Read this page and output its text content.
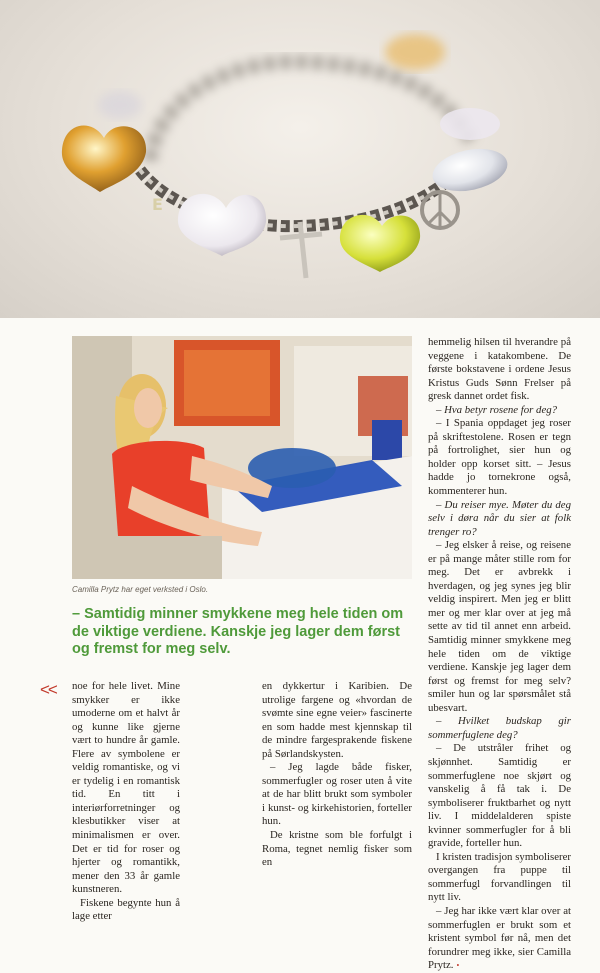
E
Camilla Prytz har eget verksted i Oslo.

– Samtidig minner smykkene meg hele tiden om de viktige verdiene. Kanskje jeg lager dem først og fremst for meg selv.

<< noe for hele livet. Mine smykker er ikke umoderne om et halvt år og kunne like gjerne vært to hundre år gamle. Flere av symbolene er veldig romantiske, og vi er tydelig i en romantisk tid. En titt i interiørforretninger og klesbutikker viser at minimalismen er over. Det er tid for roser og hjerter og romantikk, mener den 33 år gamle kunstneren.

Fiskene begynte hun å lage etter

en dykkertur i Karibien. De utrolige fargene og «hvordan de svømte sine egne veier» fascinerte en som hadde mest kjennskap til de mindre fargesprakende fiskene på Sørlandskysten.

– Jeg lagde både fisker, sommerfugler og roser uten å vite at de har blitt brukt som symboler i kunst- og kirkehistorien, forteller hun.

De kristne som ble forfulgt i Roma, tegnet nemlig fisker som en

hemmelig hilsen til hverandre på veggene i katakombene. De første bokstavene i ordene Jesus Kristus Guds Sønn Frelser på gresk dannet ordet fisk.

– Hva betyr rosene for deg?

– I Spania oppdaget jeg roser på skriftestolene. Rosen er tegn på fortrolighet, sier hun og holder opp korset sitt. – Jesus hadde jo tornekrone også, kommenterer hun.

– Du reiser mye. Møter du deg selv i døra når du sier at folk trenger ro?

– Jeg elsker å reise, og reisene er på mange måter stille rom for meg. Det er avbrekk i hverdagen, og jeg synes jeg blir veldig inspirert. Men jeg er blitt mer og mer klar over at jeg må sette av tid til annet enn arbeid. Samtidig minner smykkene meg hele tiden om de viktige verdiene. Kanskje jeg lager dem først og fremst for meg selv? smiler hun og lar spørsmålet stå ubesvart.

– Hvilket budskap gir sommerfuglene deg?

– De utstråler frihet og skjønnhet. Samtidig er sommerfuglene noe skjørt og vanskelig å få tak i. De symboliserer fruktbarhet og nytt liv. I middelalderen spiste kvinner sommerfugler for å bli gravide, forteller hun.

I kristen tradisjon symboliserer overgangen fra puppe til sommerfugl forvandlingen til nytt liv.

– Jeg har ikke vært klar over at sommerfuglen er brukt som et kristent symbol før nå, men det forundrer meg ikke, sier Camilla Prytz. •
